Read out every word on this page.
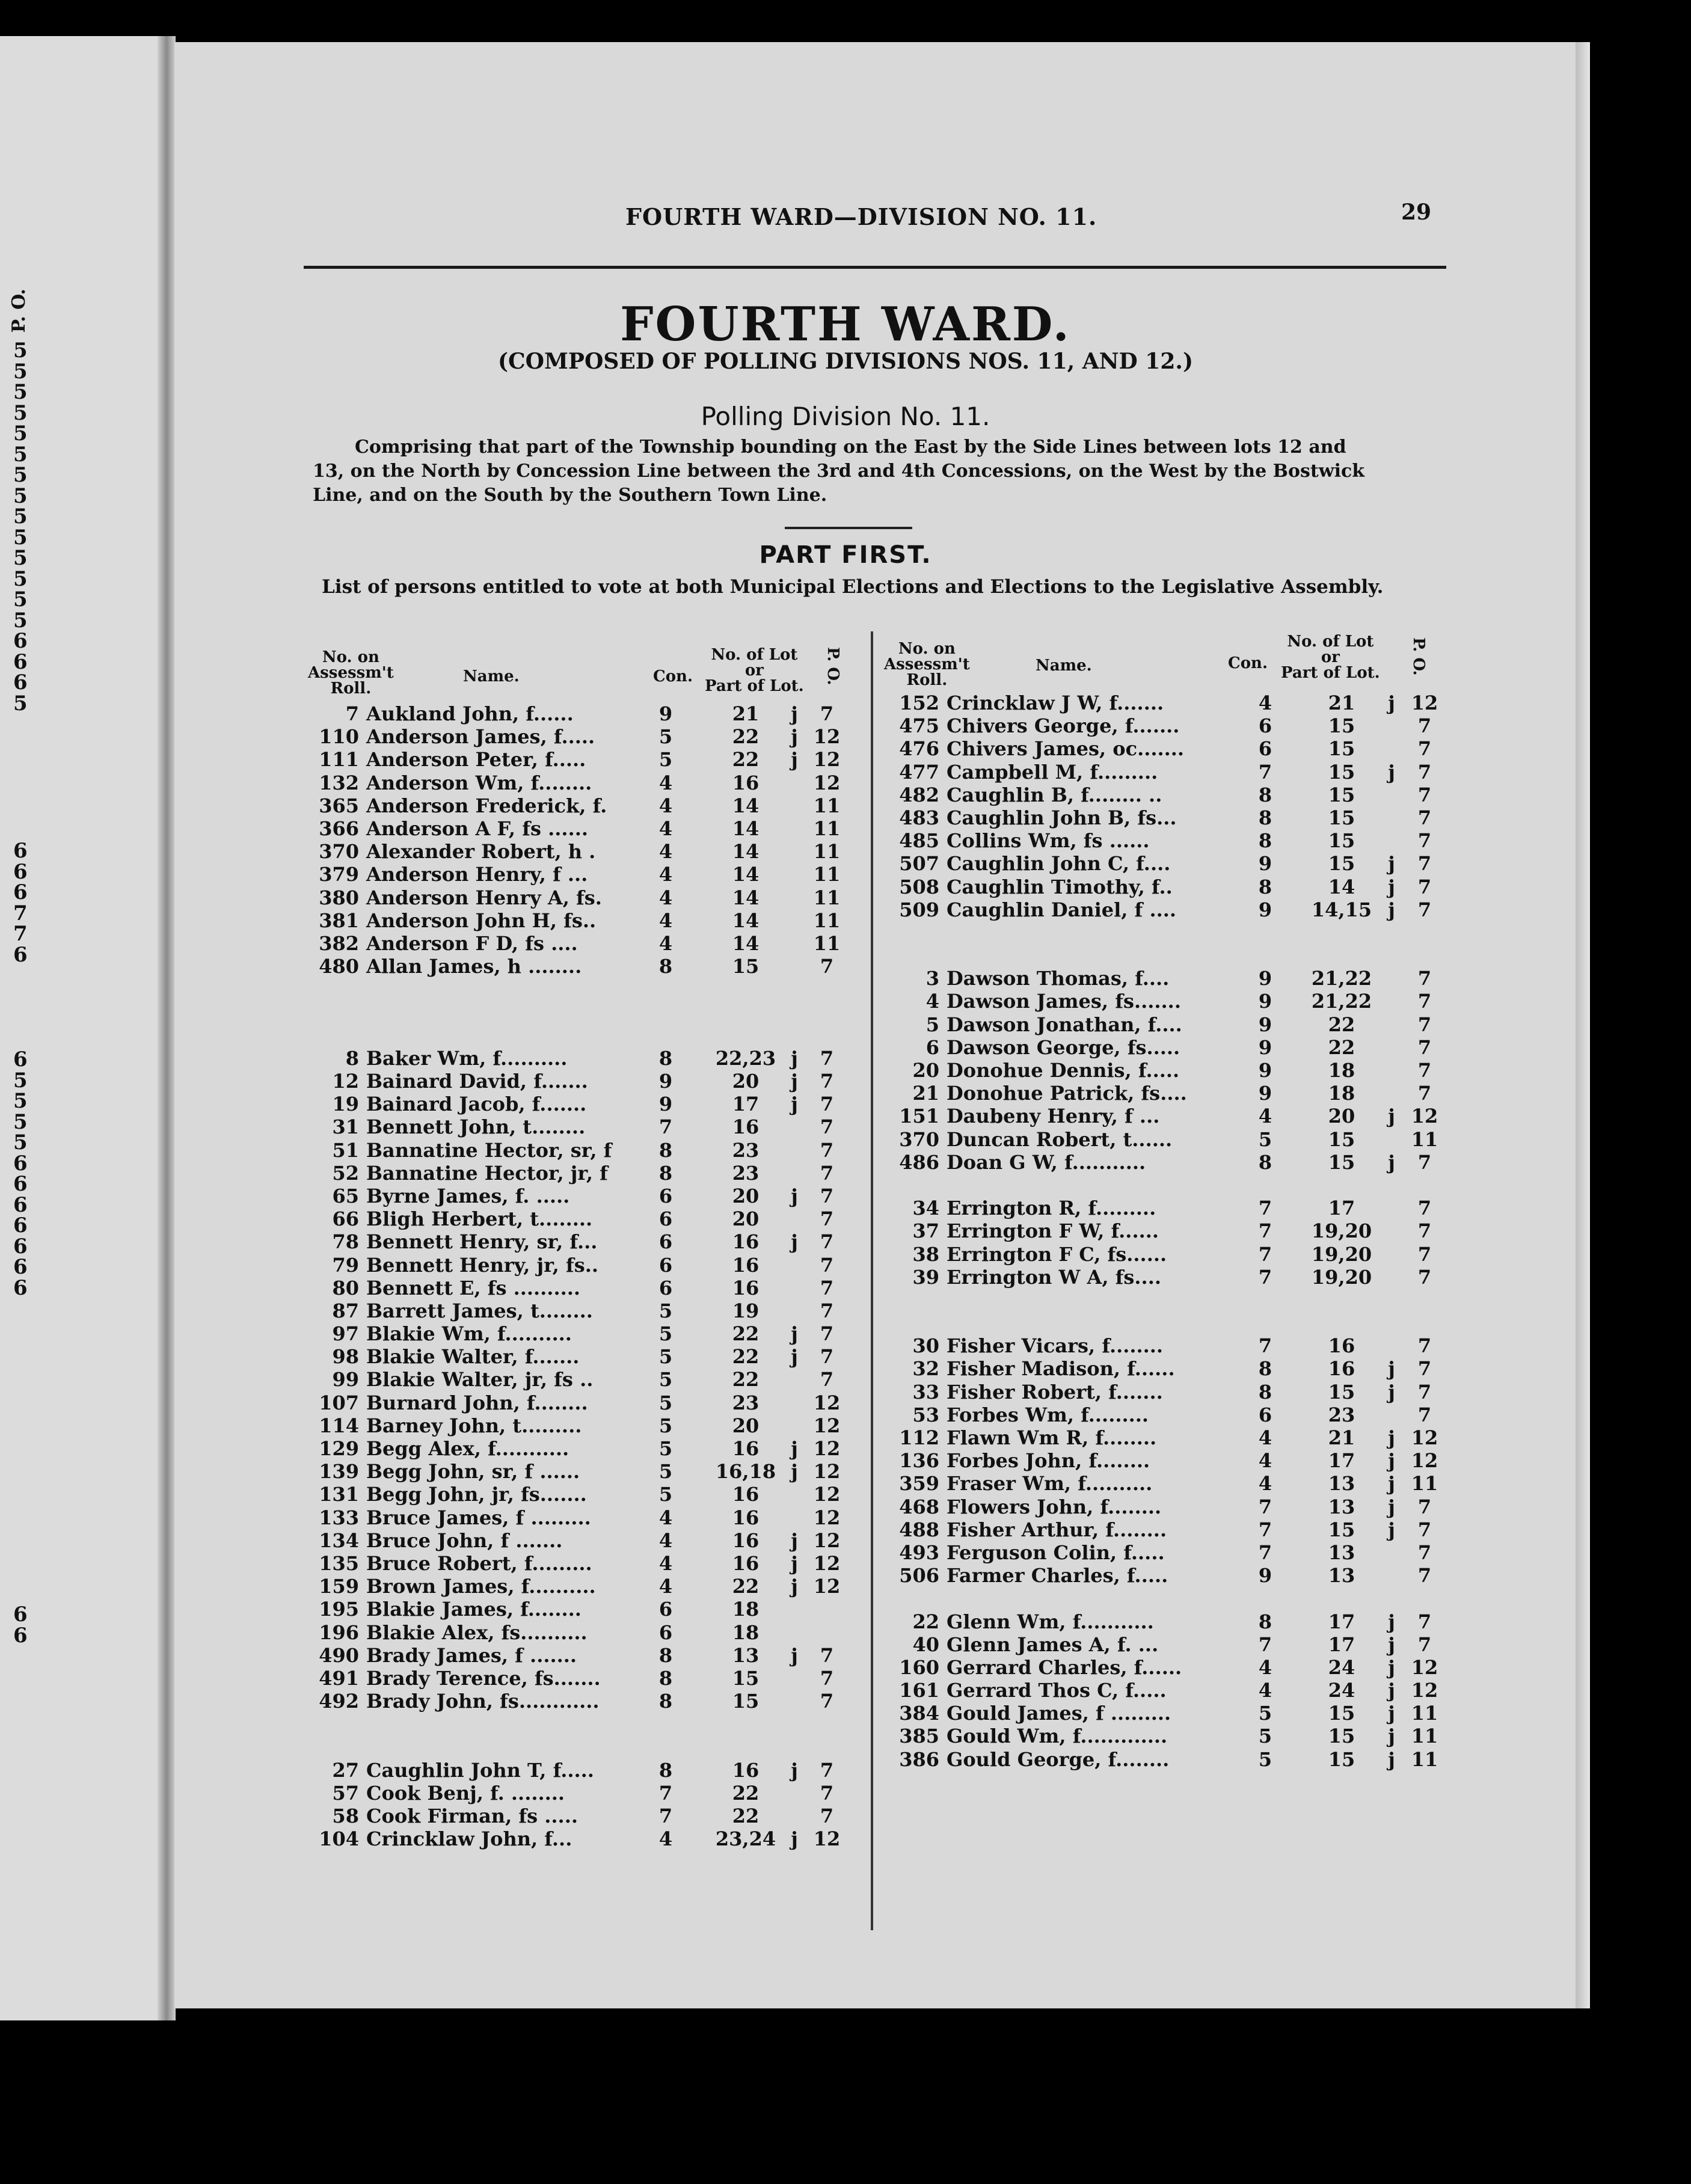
P. O.
5
5
5
5
5
5
5
5
5
5
5
5
5
5
6
6
6
5
6
6
6
7
7
6
6
5
5
5
5
6
6
6
6
6
6
6
6
6
FOURTH WARD—DIVISION NO. 11.	29
FOURTH WARD.
(COMPOSED OF POLLING DIVISIONS NOS. 11, AND 12.)
Polling Division No. 11.
Comprising that part of the Township bounding on the East by the Side Lines between lots 12 and
13, on the North by Concession Line between the 3rd and 4th Concessions, on the West by the Bostwick
Line, and on the South by the Southern Town Line.
PART FIRST.
List of persons entitled to vote at both Municipal Elections and Elections to the Legislative Assembly.
No. on
Assessm't
Roll.
Name.	Con.
No. of Lot
or
Part of Lot.
P. O.	No. on
Assessm't
Roll.
Name.	Con.
No. of Lot
or
Part of Lot. P. O.
7 Aukland John, f......	9	21	j	7
110 Anderson James, f.....	5	22	j 12
111 Anderson Peter, f.....	5	22	j 12
132 Anderson Wm, f........	4	16	12
365 Anderson Frederick, f.	4	14	11
366 Anderson A F, fs ......	4	14	11
370 Alexander Robert, h .	4	14	11
379 Anderson Henry, f ...	4	14	11
380 Anderson Henry A, fs.	4	14	11
381 Anderson John H, fs..	4	14	11
382 Anderson F D, fs ....	4	14	11
480 Allan James, h ........	8	15	7
8 Baker Wm, f..........	8	22,23 j	7
12 Bainard David, f.......	9	20	j	7
19 Bainard Jacob, f.......	9	17	j	7
31 Bennett John, t........	7	16	7
51 Bannatine Hector, sr, f 8	23	7
52 Bannatine Hector, jr, f	8	23	7
65 Byrne James, f. .....	6	20	j	7
66 Bligh Herbert, t........	6	20	7
78 Bennett Henry, sr, f...	6	16	j	7
79 Bennett Henry, jr, fs..	6	16	7
80 Bennett E, fs ..........	6	16	7
87 Barrett James, t........	5	19	7
97 Blakie Wm, f..........	5	22	j	7
98 Blakie Walter, f.......	5	22	j	7
99 Blakie Walter, jr, fs ..	5	22	7
107 Burnard John, f........	5	23	12
114 Barney John, t.........	5	20	12
129 Begg Alex, f...........	5	16	j 12
139 Begg John, sr, f ......	5	16,18 j 12
131 Begg John, jr, fs.......	5	16	12
133 Bruce James, f .........	4	16	12
134 Bruce John, f .......	4	16	j 12
135 Bruce Robert, f.........	4	16	j 12
159 Brown James, f..........	4	22	j 12
195 Blakie James, f........	6	18
196 Blakie Alex, fs..........	6	18
490 Brady James, f .......	8	13	j	7
491 Brady Terence, fs.......	8	15	7
492 Brady John, fs............	8	15	7
27 Caughlin John T, f.....	8	16	j	7
57 Cook Benj, f. ........	7	22	7
58 Cook Firman, fs .....	7	22	7
104 Crincklaw John, f...	4	23,24 j 12
152 Crincklaw J W, f.......	4	21	j 12
475 Chivers George, f.......	6	15	7
476 Chivers James, oc.......	6	15	7
477 Campbell M, f.........	7	15	j	7
482 Caughlin B, f........ ..	8	15	7
483 Caughlin John B, fs...	8	15	7
485 Collins Wm, fs ......	8	15	7
507 Caughlin John C, f....	9	15	j	7
508 Caughlin Timothy, f..	8	14	j	7
509 Caughlin Daniel, f ....	9	14,15 j	7
3 Dawson Thomas, f....	9	21,22	7
4 Dawson James, fs.......	9	21,22	7
5 Dawson Jonathan, f....	9	22	7
6 Dawson George, fs.....	9	22	7
20 Donohue Dennis, f.....	9	18	7
21 Donohue Patrick, fs....	9	18	7
151 Daubeny Henry, f ...	4	20	j 12
370 Duncan Robert, t......	5	15	11
486 Doan G W, f...........	8	15	j	7
34 Errington R, f.........	7	17	7
37 Errington F W, f......	7	19,20	7
38 Errington F C, fs......	7	19,20	7
39 Errington W A, fs....	7	19,20	7
30 Fisher Vicars, f........	7	16	7
32 Fisher Madison, f......	8	16	j	7
33 Fisher Robert, f.......	8	15	j	7
53 Forbes Wm, f.........	6	23	7
112 Flawn Wm R, f........	4	21	j 12
136 Forbes John, f........	4	17	j 12
359 Fraser Wm, f..........	4	13	j 11
468 Flowers John, f........	7	13	j	7
488 Fisher Arthur, f........	7	15	j	7
493 Ferguson Colin, f.....	7	13	7
506 Farmer Charles, f.....	9	13	7
22 Glenn Wm, f...........	8	17	j	7
40 Glenn James A, f. ...	7	17	j	7
160 Gerrard Charles, f......	4	24	j 12
161 Gerrard Thos C, f.....	4	24	j 12
384 Gould James, f .........	5	15	j 11
385 Gould Wm, f.............	5	15	j 11
386 Gould George, f........	5	15	j 11
